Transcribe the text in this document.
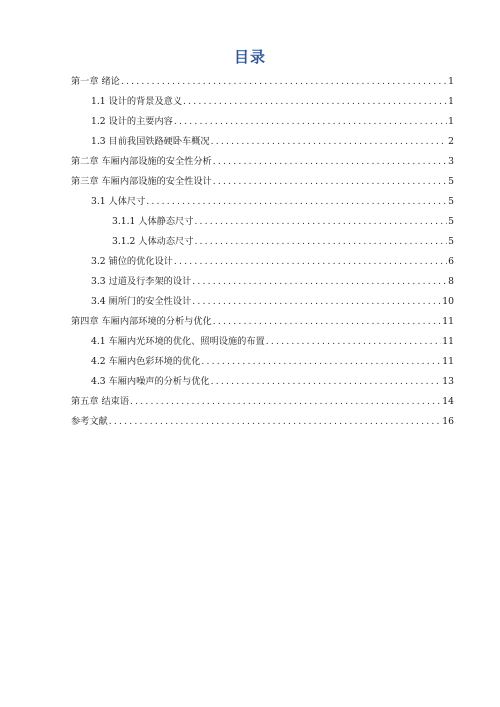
目录
第一章 绪论 .....	1
1.1 设计的背景及意义 .....	1
1.2 设计的主要内容 .....	1
1.3 目前我国铁路硬卧车概况 .....	2
第二章 车厢内部设施的安全性分析 .....	3
第三章 车厢内部设施的安全性设计 .....	5
3.1 人体尺寸 .....	5
3.1.1 人体静态尺寸 .....	5
3.1.2 人体动态尺寸 .....	5
3.2 铺位的优化设计 .....	6
3.3 过道及行李架的设计 .....	8
3.4 厕所门的安全性设计 .....	10
第四章 车厢内部环境的分析与优化 .....	11
4.1 车厢内光环境的优化、照明设施的布置 .....	11
4.2 车厢内色彩环境的优化 .....	11
4.3 车厢内噪声的分析与优化 .....	13
第五章 结束语 .....	14
参考文献 .....	16
